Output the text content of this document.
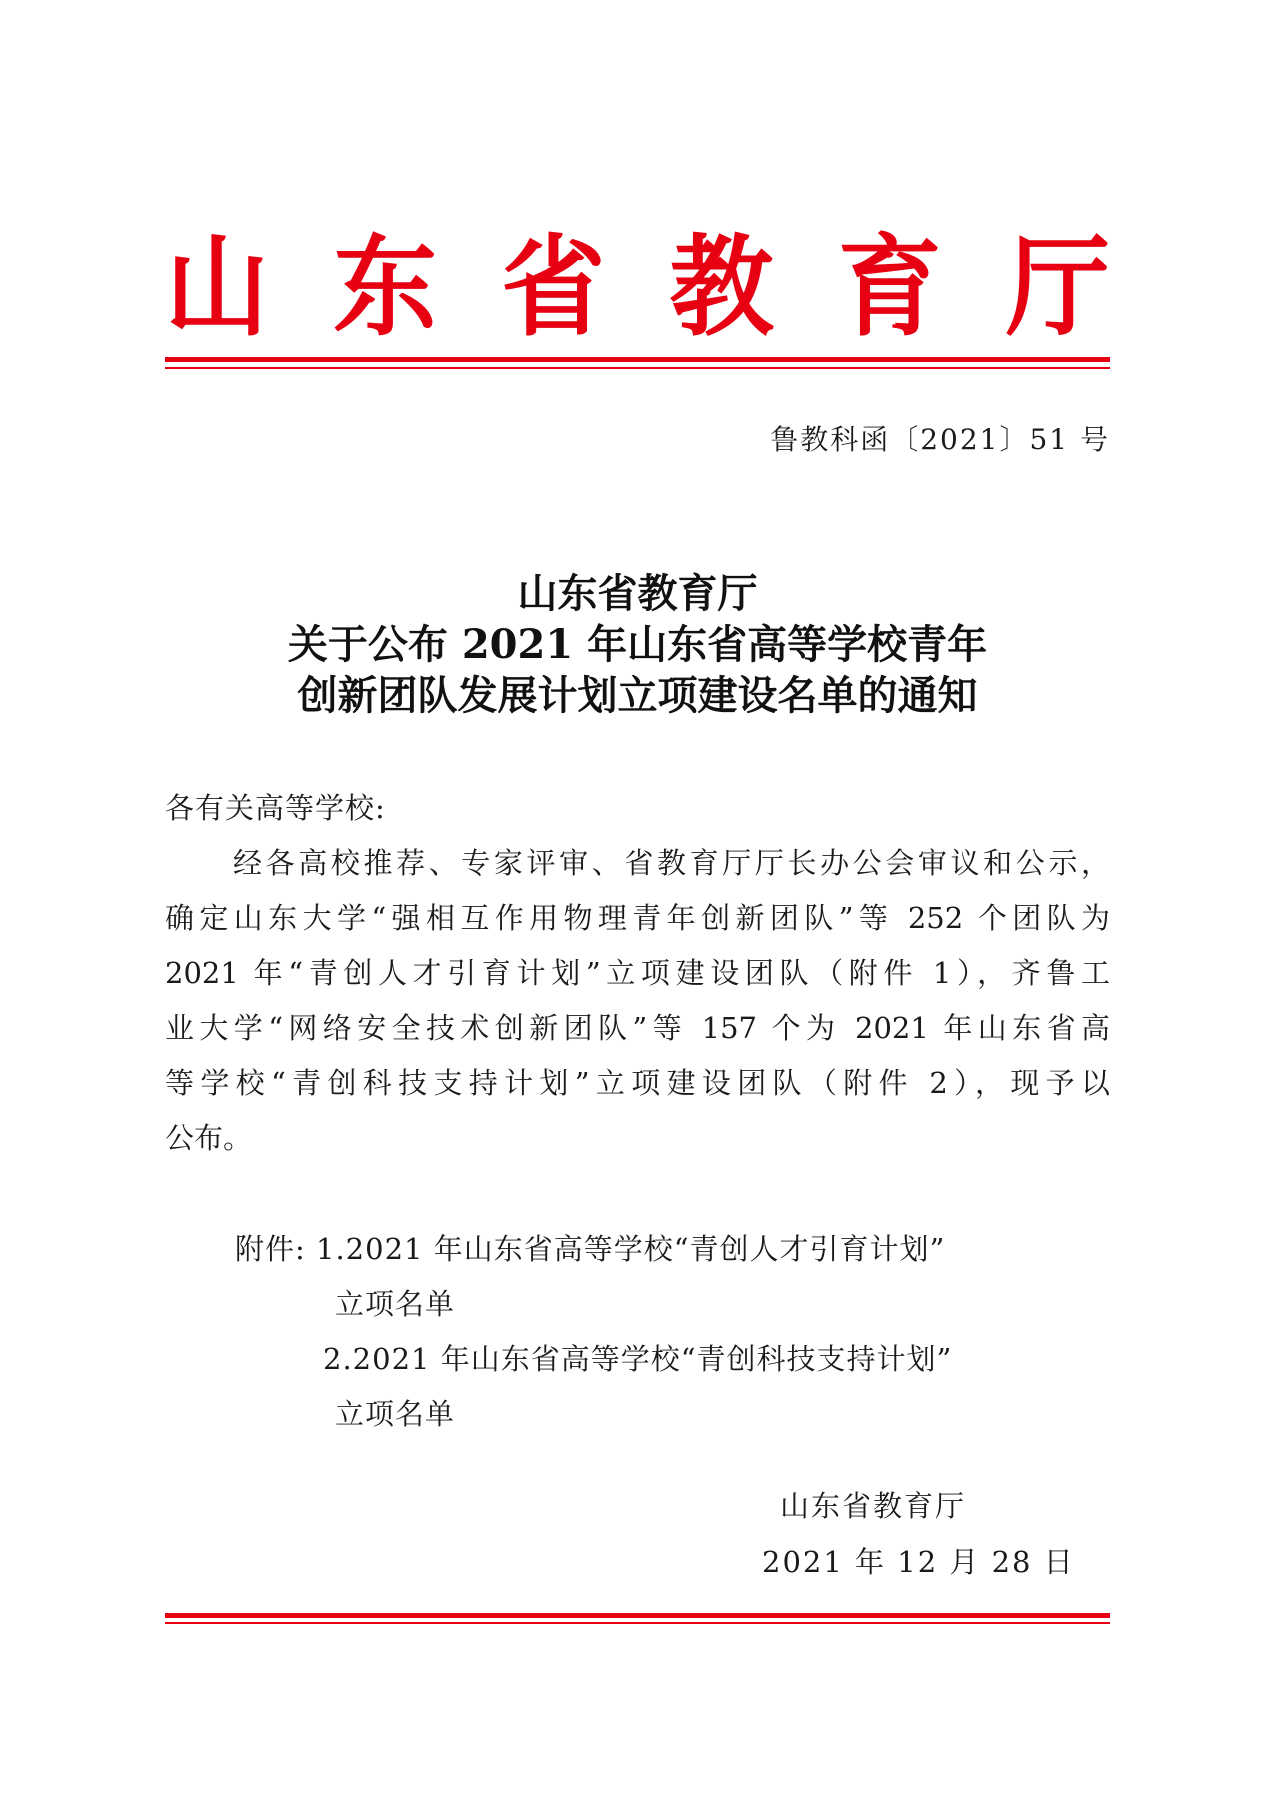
山 东 省 教 育 厅
鲁教科函〔2021〕51 号
山东省教育厅
关于公布 2021 年山东省高等学校青年
创新团队发展计划立项建设名单的通知
各有关高等学校:
经各高校推荐、专家评审、省教育厅厅长办公会审议和公示，
确定山东大学“强相互作用物理青年创新团队”等 252 个团队为
2021 年“青创人才引育计划”立项建设团队（附件 1），齐鲁工
业大学“网络安全技术创新团队”等 157 个为 2021 年山东省高
等学校“青创科技支持计划”立项建设团队（附件 2），现予以
公布。
附件: 1.2021 年山东省高等学校“青创人才引育计划”
立项名单
2.2021 年山东省高等学校“青创科技支持计划”
立项名单
山东省教育厅
2021 年 12 月 28 日
